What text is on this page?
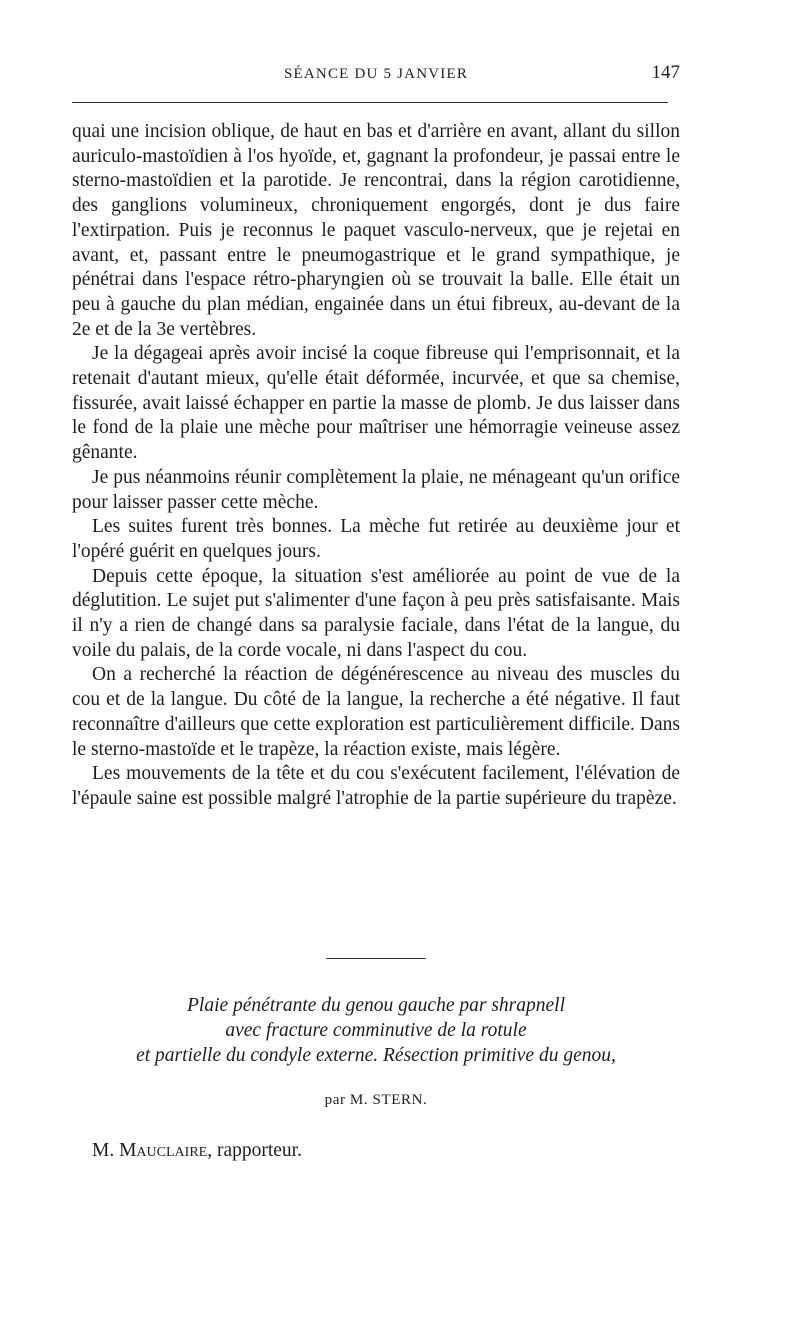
SÉANCE DU 5 JANVIER	147

quai une incision oblique, de haut en bas et d'arrière en avant, allant du sillon auriculo-mastoïdien à l'os hyoïde, et, gagnant la profondeur, je passai entre le sterno-mastoïdien et la parotide. Je rencontrai, dans la région carotidienne, des ganglions volumineux, chroniquement engorgés, dont je dus faire l'extirpation. Puis je reconnus le paquet vasculo-nerveux, que je rejetai en avant, et, passant entre le pneumogastrique et le grand sympathique, je pénétrai dans l'espace rétro-pharyngien où se trouvait la balle. Elle était un peu à gauche du plan médian, engainée dans un étui fibreux, au-devant de la 2e et de la 3e vertèbres.

Je la dégageai après avoir incisé la coque fibreuse qui l'emprisonnait, et la retenait d'autant mieux, qu'elle était déformée, incurvée, et que sa chemise, fissurée, avait laissé échapper en partie la masse de plomb. Je dus laisser dans le fond de la plaie une mèche pour maîtriser une hémorragie veineuse assez gênante.

Je pus néanmoins réunir complètement la plaie, ne ménageant qu'un orifice pour laisser passer cette mèche.

Les suites furent très bonnes. La mèche fut retirée au deuxième jour et l'opéré guérit en quelques jours.

Depuis cette époque, la situation s'est améliorée au point de vue de la déglutition. Le sujet put s'alimenter d'une façon à peu près satisfaisante. Mais il n'y a rien de changé dans sa paralysie faciale, dans l'état de la langue, du voile du palais, de la corde vocale, ni dans l'aspect du cou.

On a recherché la réaction de dégénérescence au niveau des muscles du cou et de la langue. Du côté de la langue, la recherche a été négative. Il faut reconnaître d'ailleurs que cette exploration est particulièrement difficile. Dans le sterno-mastoïde et le trapèze, la réaction existe, mais légère.

Les mouvements de la tête et du cou s'exécutent facilement, l'élévation de l'épaule saine est possible malgré l'atrophie de la partie supérieure du trapèze.

Plaie pénétrante du genou gauche par shrapnell
avec fracture comminutive de la rotule
et partielle du condyle externe. Résection primitive du genou,
par M. STERN.
M. Mauclaire, rapporteur.
